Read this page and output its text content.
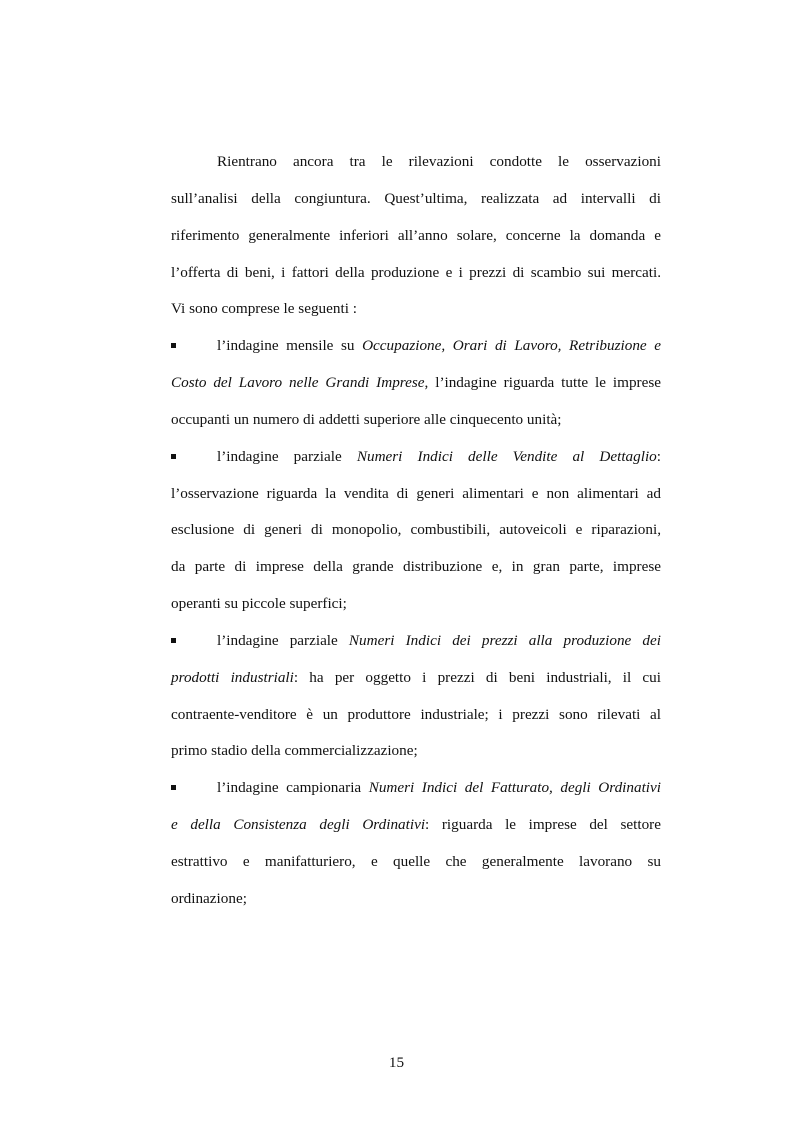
Rientrano ancora tra le rilevazioni condotte le osservazioni
sull’analisi della congiuntura. Quest’ultima, realizzata ad intervalli di
riferimento generalmente inferiori all’anno solare, concerne la domanda e
l’offerta di beni, i fattori della produzione e i prezzi di scambio sui mercati.
Vi sono comprese le seguenti :
l’indagine mensile su Occupazione, Orari di Lavoro, Retribuzione e
Costo del Lavoro nelle Grandi Imprese, l’indagine riguarda tutte le imprese
occupanti un numero di addetti superiore alle cinquecento unità;
l’indagine parziale Numeri Indici delle Vendite al Dettaglio:
l’osservazione riguarda la vendita di generi alimentari e non alimentari ad
esclusione di generi di monopolio, combustibili, autoveicoli e riparazioni,
da parte di imprese della grande distribuzione e, in gran parte, imprese
operanti su piccole superfici;
l’indagine parziale Numeri Indici dei prezzi alla produzione dei
prodotti industriali: ha per oggetto i prezzi di beni industriali, il cui
contraente-venditore è un produttore industriale; i prezzi sono rilevati al
primo stadio della commercializzazione;
l’indagine campionaria Numeri Indici del Fatturato, degli Ordinativi
e della Consistenza degli Ordinativi: riguarda le imprese del settore
estrattivo e manifatturiero, e quelle che generalmente lavorano su
ordinazione;
15
